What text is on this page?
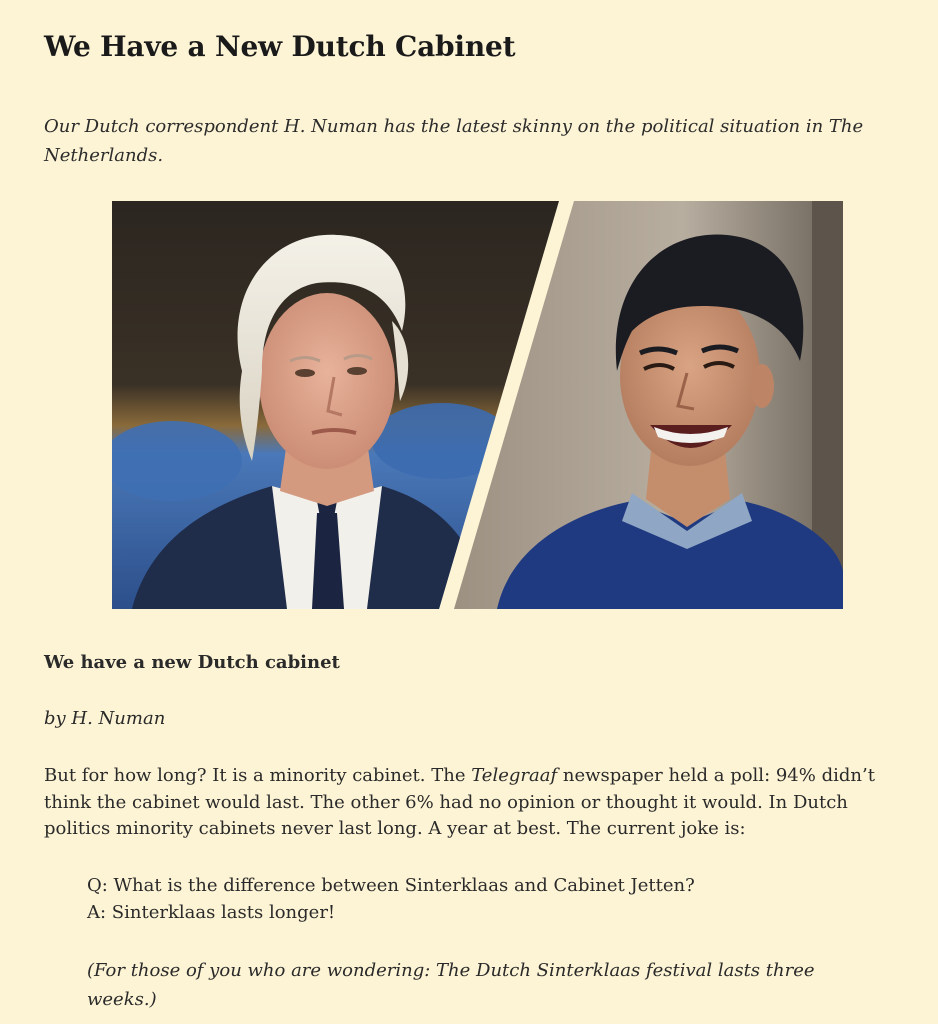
We Have a New Dutch Cabinet

Our Dutch correspondent H. Numan has the latest skinny on the political situation in The Netherlands.

We have a new Dutch cabinet

by H. Numan

But for how long? It is a minority cabinet. The Telegraaf newspaper held a poll: 94% didn’t think the cabinet would last. The other 6% had no opinion or thought it would. In Dutch politics minority cabinets never last long. A year at best. The current joke is:

Q: What is the difference between Sinterklaas and Cabinet Jetten?

A: Sinterklaas lasts longer!

(For those of you who are wondering: The Dutch Sinterklaas festival lasts three weeks.)
